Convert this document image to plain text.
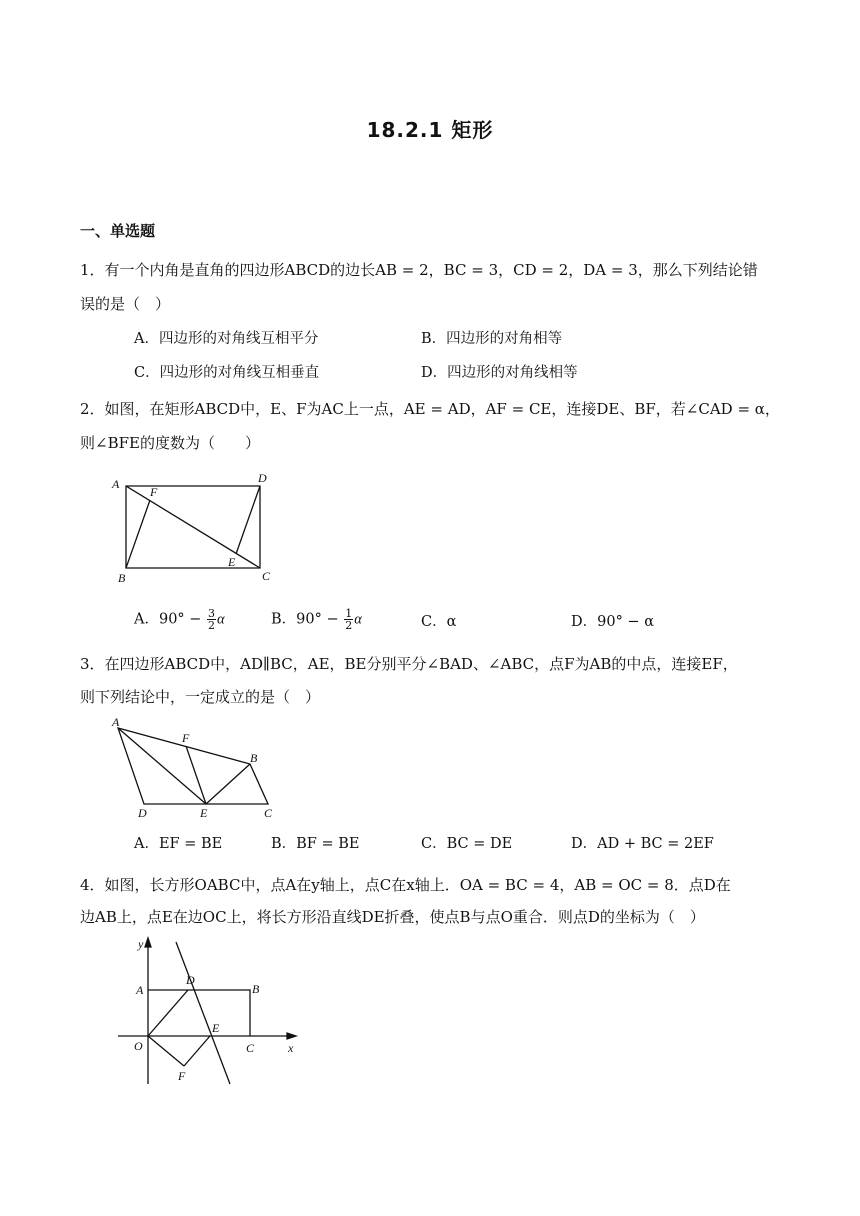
18.2.1 矩形
一、单选题
1．有一个内角是直角的四边形ABCD的边长AB = 2，BC = 3，CD = 2，DA = 3，那么下列结论错
误的是（　）
A．四边形的对角线互相平分	B．四边形的对角相等
C．四边形的对角线互相垂直	D．四边形的对角线相等
2．如图，在矩形ABCD中，E、F为AC上一点，AE = AD，AF = CE，连接DE、BF，若∠CAD = α，
则∠BFE的度数为（　　）
A
F
D
B
E
C
A．$90^\circ - \frac{3}{2}$ α	B．$90^\circ - \frac{1}{2}$ α	C．α	D．90° − α
3．在四边形ABCD中，AD∥BC，AE，BE分别平分∠BAD、∠ABC，点F为AB的中点，连接EF，
则下列结论中，一定成立的是（　）
A
F
B
D	E	C
A．EF = BE	B．BF = BE	C．BC = DE	D．AD + BC = 2EF
4．如图，长方形OABC中，点A在y轴上，点C在x轴上．OA = BC = 4，AB = OC = 8．点D在
边AB上，点E在边OC上，将长方形沿直线DE折叠，使点B与点O重合．则点D的坐标为（　）
y
D
A	B
E
O	C	x
F
